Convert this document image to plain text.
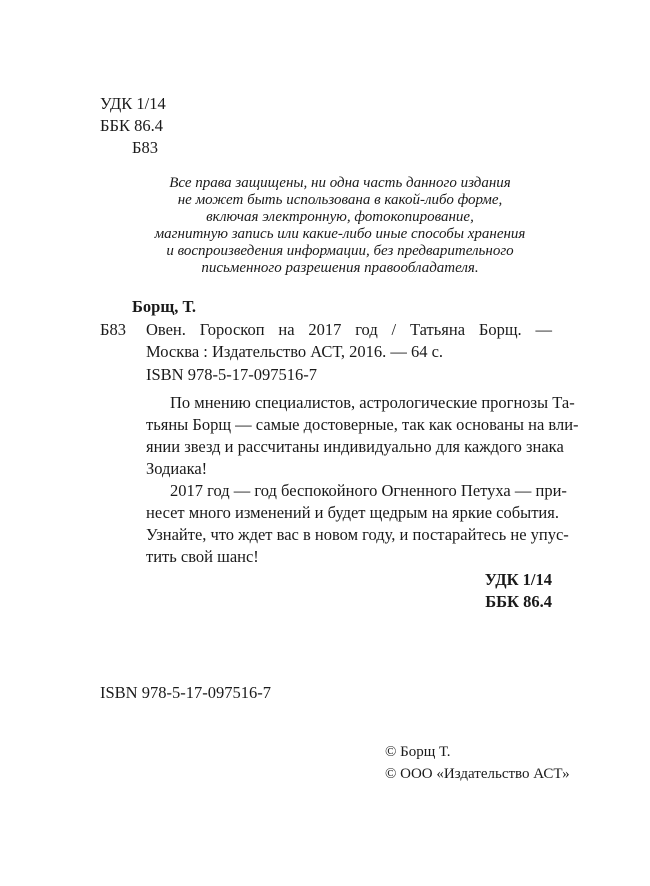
УДК 1/14
ББК 86.4
Б83
Все права защищены, ни одна часть данного издания
не может быть использована в какой-либо форме,
включая электронную, фотокопирование,
магнитную запись или какие-либо иные способы хранения
и воспроизведения информации, без предварительного
письменного разрешения правообладателя.
Борщ, Т.
Б83 Овен. Гороскоп на 2017 год / Татьяна Борщ. —
Москва : Издательство АСТ, 2016. — 64 с.
ISBN 978-5-17-097516-7
По мнению специалистов, астрологические прогнозы Та-
тьяны Борщ — самые достоверные, так как основаны на вли-
янии звезд и рассчитаны индивидуально для каждого знака
Зодиака!
2017 год — год беспокойного Огненного Петуха — при-
несет много изменений и будет щедрым на яркие события.
Узнайте, что ждет вас в новом году, и постарайтесь не упус-
тить свой шанс!
УДК 1/14
ББК 86.4
ISBN 978-5-17-097516-7
© Борщ Т.
© ООО «Издательство АСТ»
